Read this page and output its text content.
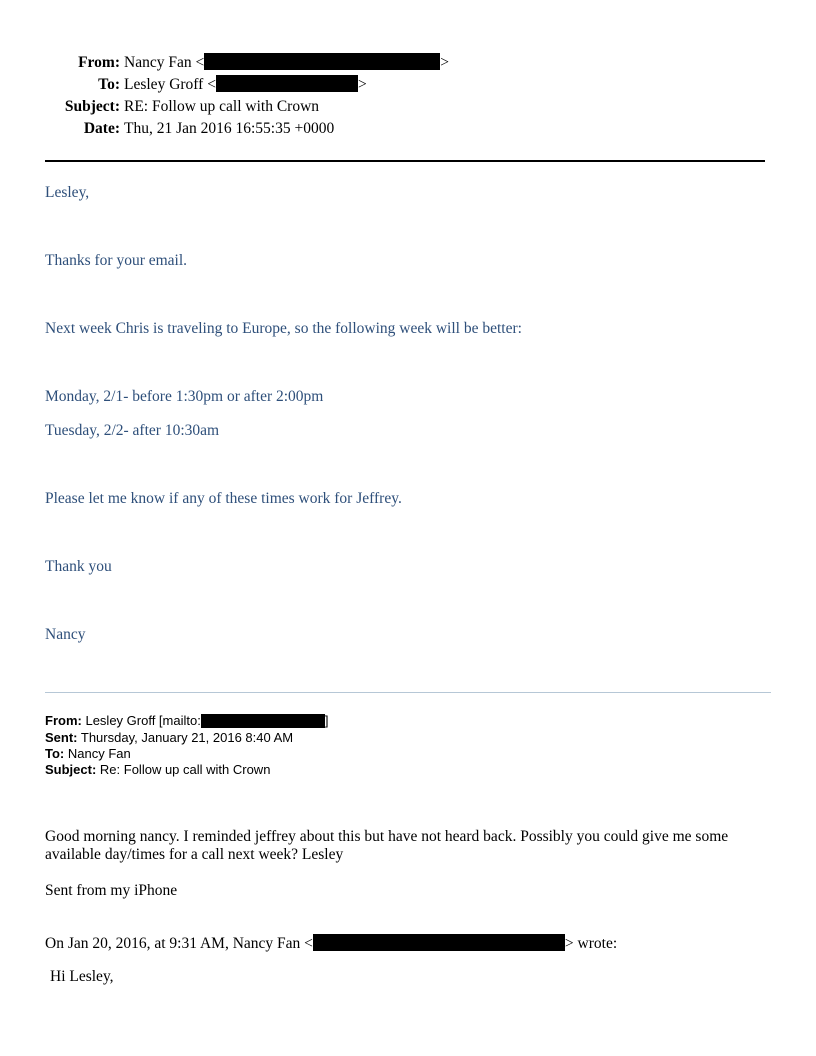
From: Nancy Fan <	>
To: Lesley Groff <	>
Subject: RE: Follow up call with Crown
Date: Thu, 21 Jan 2016 16:55:35 +0000
Lesley,
Thanks for your email.
Next week Chris is traveling to Europe, so the following week will be better:
Monday, 2/1- before 1:30pm or after 2:00pm
Tuesday, 2/2- after 10:30am
Please let me know if any of these times work for Jeffrey.
Thank you
Nancy
From: Lesley Groff [mailto:	]
Sent: Thursday, January 21, 2016 8:40 AM
To: Nancy Fan
Subject: Re: Follow up call with Crown
Good morning nancy. I reminded jeffrey about this but have not heard back. Possibly you could give me some available day/times for a call next week? Lesley
Sent from my iPhone
On Jan 20, 2016, at 9:31 AM, Nancy Fan <	> wrote:
Hi Lesley,
